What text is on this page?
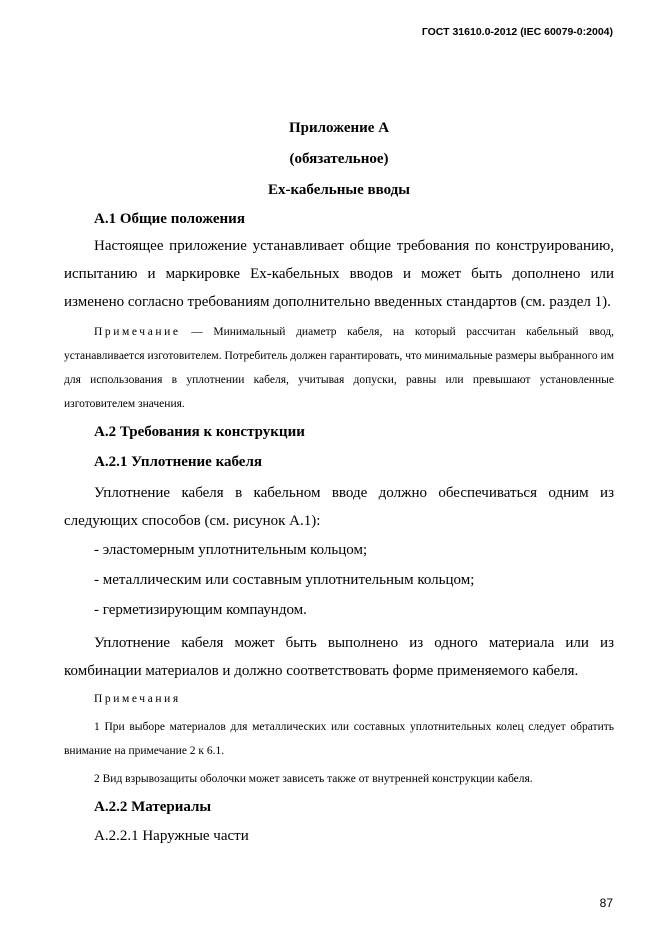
ГОСТ 31610.0-2012 (IEC 60079-0:2004)
Приложение А
(обязательное)
Ex-кабельные вводы
А.1 Общие положения

Настоящее приложение устанавливает общие требования по конструированию, испытанию и маркировке Ex-кабельных вводов и может быть дополнено или изменено согласно требованиям дополнительно введенных стандартов (см. раздел 1).

Примечание — Минимальный диаметр кабеля, на который рассчитан кабельный ввод, устанавливается изготовителем. Потребитель должен гарантировать, что минимальные размеры выбранного им для использования в уплотнении кабеля, учитывая допуски, равны или превышают установленные изготовителем значения.

А.2 Требования к конструкции
А.2.1 Уплотнение кабеля

Уплотнение кабеля в кабельном вводе должно обеспечиваться одним из следующих способов (см. рисунок А.1):

- эластомерным уплотнительным кольцом;
- металлическим или составным уплотнительным кольцом;
- герметизирующим компаундом.

Уплотнение кабеля может быть выполнено из одного материала или из комбинации материалов и должно соответствовать форме применяемого кабеля.

Примечания

1 При выборе материалов для металлических или составных уплотнительных колец следует обратить внимание на примечание 2 к 6.1.

2 Вид взрывозащиты оболочки может зависеть также от внутренней конструкции кабеля.

А.2.2 Материалы
А.2.2.1 Наружные части
87
